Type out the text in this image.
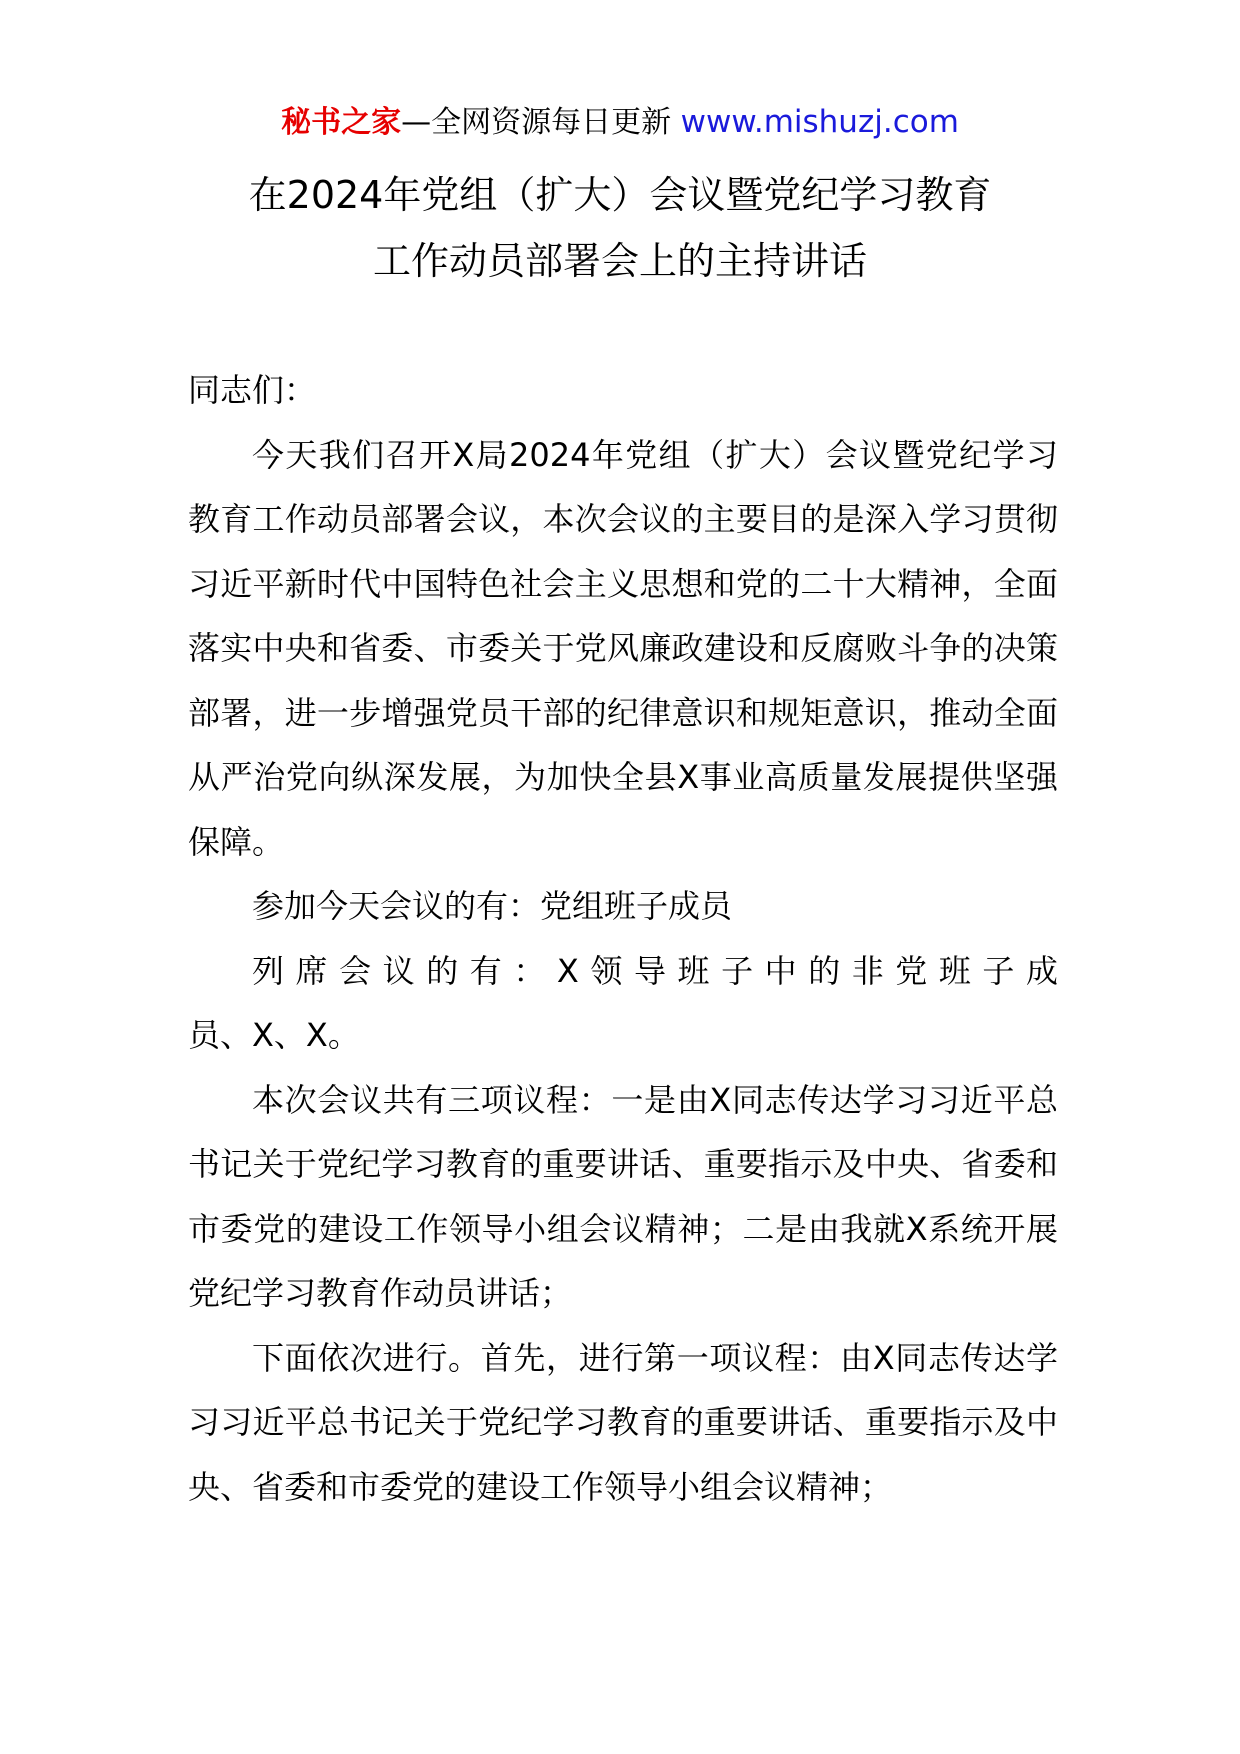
秘书之家—全网资源每日更新 www.mishuzj.com
在2024年党组（扩大）会议暨党纪学习教育
工作动员部署会上的主持讲话

同志们：

今天我们召开X局2024年党组（扩大）会议暨党纪学习教育工作动员部署会议，本次会议的主要目的是深入学习贯彻习近平新时代中国特色社会主义思想和党的二十大精神，全面落实中央和省委、市委关于党风廉政建设和反腐败斗争的决策部署，进一步增强党员干部的纪律意识和规矩意识，推动全面从严治党向纵深发展，为加快全县X事业高质量发展提供坚强保障。

参加今天会议的有：党组班子成员

列席会议的有：X领导班子中的非党班子成

员、X、X。

本次会议共有三项议程：一是由X同志传达学习习近平总书记关于党纪学习教育的重要讲话、重要指示及中央、省委和市委党的建设工作领导小组会议精神；二是由我就X系统开展党纪学习教育作动员讲话；

下面依次进行。首先，进行第一项议程：由X同志传达学习习近平总书记关于党纪学习教育的重要讲话、重要指示及中央、省委和市委党的建设工作领导小组会议精神；
